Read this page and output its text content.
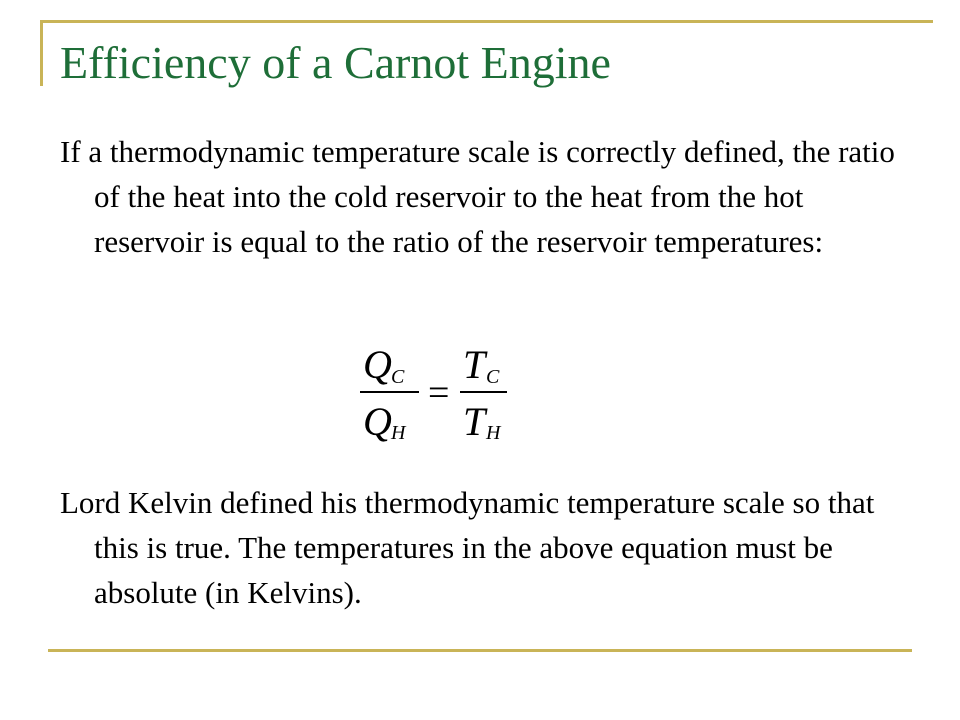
Efficiency of a Carnot Engine

If a thermodynamic temperature scale is correctly defined, the ratio of the heat into the cold reservoir to the heat from the hot reservoir is equal to the ratio of the reservoir temperatures:

Q C
Q H
=
T C
T H

Lord Kelvin defined his thermodynamic temperature scale so that this is true. The temperatures in the above equation must be absolute (in Kelvins).
